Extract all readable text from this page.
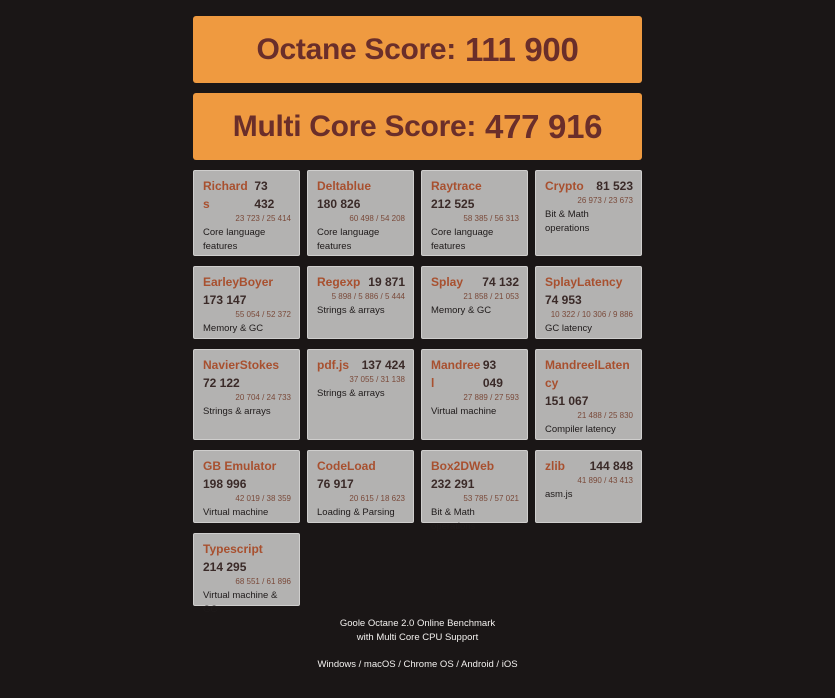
Octane Score: 111 900
Multi Core Score: 477 916
Richards
73 432
23 723 / 25 414
Core language features
Deltablue
180 826
60 498 / 54 208
Core language features
Raytrace
212 525
58 385 / 56 313
Core language features
Crypto 81 523
26 973 / 23 673
Bit & Math operations
EarleyBoyer
173 147
55 054 / 52 372
Memory & GC
Regexp 19 871
5 898 / 5 886 / 5 444
Strings & arrays
Splay 74 132
21 858 / 21 053
Memory & GC
SplayLatency
74 953
10 322 / 10 306 / 9 886
GC latency
NavierStokes
72 122
20 704 / 24 733
Strings & arrays
pdf.js 137 424
37 055 / 31 138
Strings & arrays
Mandreel
93 049
27 889 / 27 593
Virtual machine
MandreelLatency
151 067
21 488 / 25 830
Compiler latency
GB Emulator
198 996
42 019 / 38 359
Virtual machine
CodeLoad
76 917
20 615 / 18 623
Loading & Parsing
Box2DWeb
232 291
53 785 / 57 021
Bit & Math operations
zlib 144 848
41 890 / 43 413
asm.js
Typescript
214 295
68 551 / 61 896
Virtual machine & GC
Goole Octane 2.0 Online Benchmark
with Multi Core CPU Support
Windows / macOS / Chrome OS / Android / iOS
